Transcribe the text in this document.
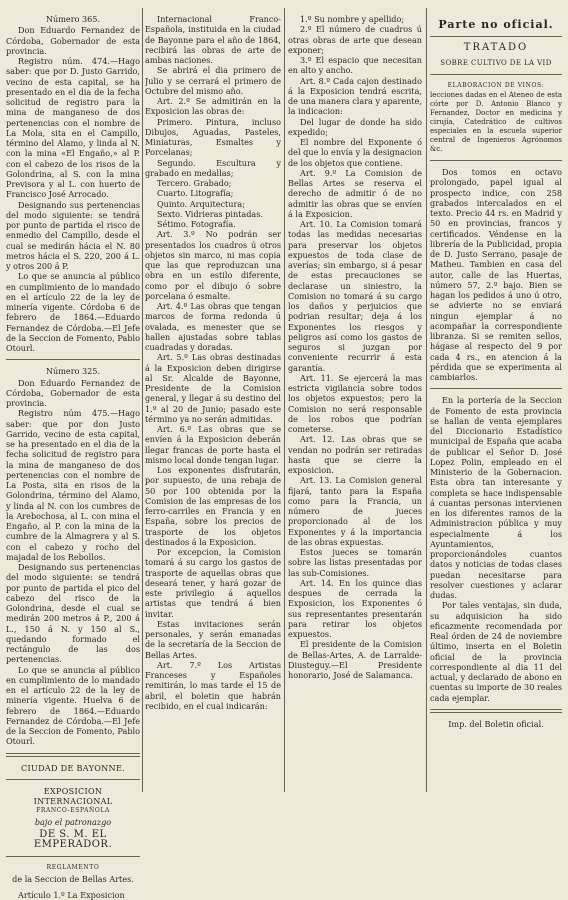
Número 365.

Don Eduardo Fernandez de Córdoba, Gobernador de esta provincia.

Registro núm. 474.—Hago saber: que por D. Justo Garrido, vecino de esta capital, se ha presentado en el dia de la fecha solicitud de registro para la mina de manganeso de dos pertenencias con el nombre de La Mola, sita en el Campillo, término del Alamo, y linda al N. con la mina «El Engaño,» al P. con el cabezo de los risos de la Golondrina, al S. con la mina Previsora y al L. con huerto de Francisco José Arrocado.

Designando sus pertenencias del modo siguiente: se tendrá por punto de partida el risco de enmedio del Campillo, desde el cual se medirán hácia el N. 80 metros hácia el S. 220, 200 á L. y otros 200 á P.

Lo que se anuncia al público en cumplimiento de lo mandado en el artículo 22 de la ley de minería vigente. Córdoba 6 de febrero de 1864.—Eduardo Fernandez de Córdoba.—El Jefe de la Seccion de Fomento, Pablo Otourl.

Número 325.

Don Eduardo Fernandez de Córdoba, Gobernador de esta provincia.

Registro núm 475.—Hago saber: que por don Justo Garrido, vecino de esta capital, se ha presentado en el dia de la fecha solicitud de registro para la mina de manganeso de dos pertenencias con el nombre de La Posta, sita en risos de la Golondrina, término del Alamo, y linda al N. con los cumbres de la Arebochosa, al L. con mina el Engaño, al P. con la mina de la cumbre de la Almagrera y al S. con el cabezo y rocho del majadal de los Rebollos.

Designando sus pertenencias del modo siguiente: se tendrá por punto de partida el pico del cabezo del risco de la Golondrina, desde el cual se medirán 200 metros á P., 200 á L., 150 á N. y 150 al S., quedando formado el rectángulo de las dos pertenencias.

Lo que se anuncia al público en cumplimiento de lo mandado en el artículo 22 de la ley de minería vigente. Huelva 6 de febrero de 1864.—Eduardo Fernandez de Córdoba.—El Jefe de la Seccion de Fomento, Pablo Otourl.

CIUDAD DE BAYONNE.

EXPOSICION INTERNACIONAL

FRANCO-ESPAÑOLA

bajo el patronazgo

DE S. M. EL EMPERADOR.

REGLAMENTO

de la Seccion de Bellas Artes.

Artículo 1.º La Exposicion

Internacional Franco-Española, instituida en la ciudad de Bayonne para el año de 1864, recibirá las obras de arte de ambas naciones.

Se abrirá el dia primero de Julio y se cerrará el primero de Octubre del mismo año.

Art. 2.º Se admitirán en la Exposicion las obras de:

Primero. Pintura, incluso Dibujos, Aguadas, Pasteles, Miniaturas, Esmaltes y Porcelanas;

Segundo. Escultura y grabado en medallas;

Tercero. Grabado;

Cuarto. Litografía;

Quinto. Arquitectura;

Sexto. Vidrieras pintadas.

Sétimo. Fotografía.

Art. 3.º No podrán ser presentados los cuadros ú otros objetos sin marco, ni mas copia que las que reproduzcan una obra en un estilo diferente, como por el dibujo ó sobre porcelana ó esmalte.

Art. 4.º Las obras que tengan marcos de forma redonda ú ovalada, es menester que se hallen ajustadas sobre tablas cuadradas y doradas.

Art. 5.º Las obras destinadas á la Exposicion deben dirigirse al Sr. Alcalde de Bayonne, Presidente de la Comision general, y llegar á su destino del 1.º al 20 de Junio; pasado este término ya no serán admitidas.

Art. 6.º Las obras que se envíen á la Exposicion deberán llegar francas de porte hasta el mismo local donde tengan lugar.

Los exponentes disfrutarán, por supuesto, de una rebaja de 50 por 100 obtenida por la Comision de las empresas de los ferro-carriles en Francia y en España, sobre los precios de trasporte de los objetos destinados á la Exposicion.

Por excepcion, la Comision tomará á su cargo los gastos de trasporte de aquellas obras que deseará tener, y hará gozar de este privilegio á aquellos artistas que tendrá á bien invitar.

Estas invitaciones serán personales, y serán emanadas de la secretaría de la Seccion de Bellas Artes.

Art. 7.º Los Artistas Franceses y Españoles remitirán, lo mas tarde el 15 de abril, el boletin que habrán recibido, en el cual indicarán:

1.º Su nombre y apellido;

2.º El número de cuadros ú otras obras de arte que desean exponer;

3.º El espacio que necesitan en alto y ancho.

Art. 8.º Cada cajon destinado á la Exposicion tendrá escrita, de una manera clara y aparente, la indicacion:

Del lugar de donde ha sido expedido;

El nombre del Exponente ó del que lo envía y la designacion de los objetos que contiene.

Art. 9.º La Comision de Bellas Artes se reserva el derecho de admitir ó de no admitir las obras que se envíen á la Exposicion.

Art. 10. La Comision tomará todas las medidas necesarias para preservar los objetos expuestos de toda clase de averías; sin embargo, si á pesar de estas precauciones se declarase un siniestro, la Comision no tomará á su cargo los daños y perjuicios que podrian resultar; deja á los Exponentes los riesgos y peligros así como los gastos de seguros si juzgan por conveniente recurrir á esta garantía.

Art. 11. Se ejercerá la mas estricta vigilancia sobre todos los objetos expuestos; pero la Comision no será responsable de los robos que podrían cometerse.

Art. 12. Las obras que se vendan no podrán ser retiradas hasta que se cierre la exposicion.

Art. 13. La Comision general fijará, tanto para la España como para la Francia, un número de jueces proporcionado al de los Exponentes y á la importancia de las obras expuestas.

Estos jueces se tomarán sobre las listas presentadas por las sub-Comisiones.

Art. 14. En los quince dias despues de cerrada la Exposicion, los Exponentes ó sus representantes presentarán para retirar los objetos expuestos.

El presidente de la Comision de Bellas-Artes, A. de Larralde-Diusteguy.—El Presidente honorario, José de Salamanca.

Parte no oficial.

TRATADO

SOBRE CULTIVO DE LA VID

ELABORACION DE VINOS:

lecciones dadas en el Ateneo de esta córte por D. Antonio Blanco y Fernandez, Doctor en medicina y cirujía, Catedrático de cultivos especiales en la escuela superior central de Ingenieros Agrónomos &c.

Dos tomos en octavo prolongado, papel igual al prospecto indice, con 258 grabados intercalados en el texto. Precio 44 rs. en Madrid y 50 en provincias, francos y certificados. Véndense en la librería de la Publicidad, propia de D. Justo Serrano, pasaje de Matheu. Tambien en casa del autor, calle de las Huertas, número 57, 2.º bajo. Bien se hagan los pedidos á uno ú otro, se advierte no se enviará ningun ejemplar á no acompañar la correspondiente libranza. Si se remiten sellos, hágase al respecto del 9 por cada 4 rs., en atencion á la pérdida que se experimenta al cambiarlos.

En la portería de la Seccion de Fomento de esta provincia se hallan de venta ejemplares del Diccionario Estadístico municipal de España que acaba de publicar el Señor D. José Lopez Polin, empleado en el Ministerio de la Gobernacion. Esta obra tan interesante y completa se hace indispensable á cuantas personas intervienen en los diferentes ramos de la Administracion pública y muy especialmente á los Ayuntamientos, proporcionándoles cuantos datos y noticias de todas clases puedan necesitarse para resolver cuestiones y aclarar dudas.

Por tales ventajas, sin duda, su adquisicion ha sido eficazmente recomendada por Real órden de 24 de noviembre último, inserta en el Boletin oficial de la provincia correspondiente al dia 11 del actual, y declarado de abono en cuentas su importe de 30 reales cada ejemplar.

Imp. del Boletin oficial.
